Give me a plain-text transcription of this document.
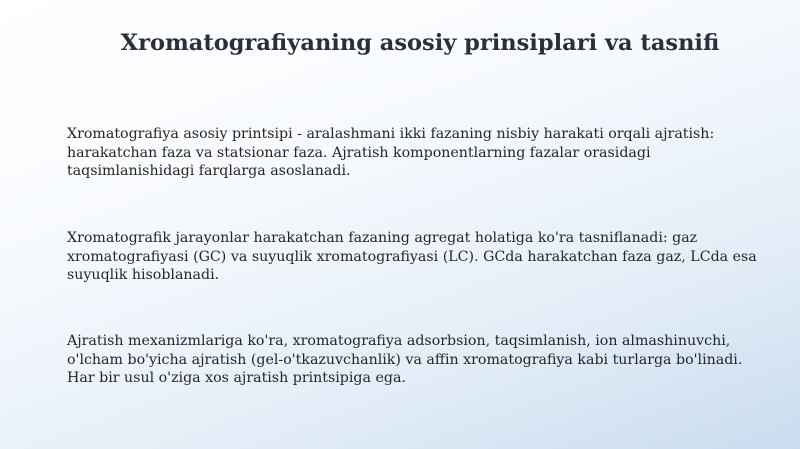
Xromatografiyaning asosiy prinsiplari va tasnifi

Xromatografiya asosiy printsipi - aralashmani ikki fazaning nisbiy harakati orqali ajratish: harakatchan faza va statsionar faza. Ajratish komponentlarning fazalar orasidagi taqsimlanishidagi farqlarga asoslanadi.

Xromatografik jarayonlar harakatchan fazaning agregat holatiga ko'ra tasniflanadi: gaz xromatografiyasi (GC) va suyuqlik xromatografiyasi (LC). GCda harakatchan faza gaz, LCda esa suyuqlik hisoblanadi.

Ajratish mexanizmlariga ko'ra, xromatografiya adsorbsion, taqsimlanish, ion almashinuvchi, o'lcham bo'yicha ajratish (gel-o'tkazuvchanlik) va affin xromatografiya kabi turlarga bo'linadi. Har bir usul o'ziga xos ajratish printsipiga ega.
